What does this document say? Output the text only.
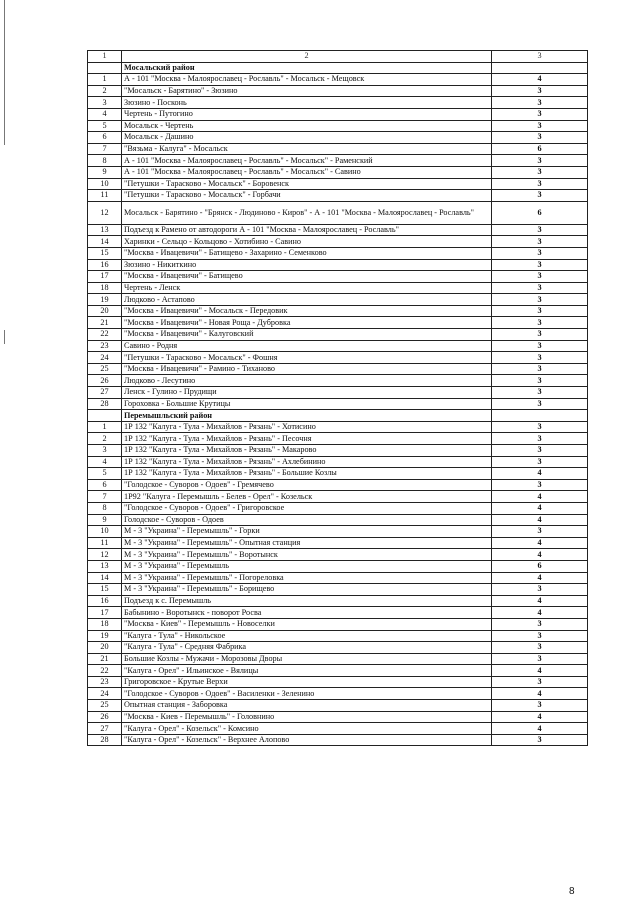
1	2	3
	Мосальский район	
1	А - 101 "Москва - Малоярославец - Рославль" - Мосальск - Мещовск	4
2	"Мосальск - Барятино" - Зюзино	3
3	Зюзино - Посконь	3
4	Чертень - Путогино	3
5	Мосальск - Чертень	3
6	Мосальск - Дашино	3
7	"Вязьма - Калуга" - Мосальск	6
8	А - 101 "Москва - Малоярославец - Рославль" - Мосальск" - Раменский	3
9	А - 101 "Москва - Малоярославец - Рославль" - Мосальск" - Савино	3
10	"Петушки - Тарасково - Мосальск" - Боровенск	3
11	"Петушки - Тарасково - Мосальск" - Горбачи	3
12	Мосальск - Барятино - "Брянск - Людиново - Киров" - А - 101 "Москва - Малоярославец - Рославль"	6
13	Подъезд к Рамено от автодороги А - 101 "Москва - Малоярославец - Рославль"	3
14	Харинки - Сельцо - Кольцово - Хотибино - Савино	3
15	"Москва - Ивацевичи" - Батищево - Захарино - Семенково	3
16	Зюзино - Никиткино	3
17	"Москва - Ивацевичи" - Батищево	3
18	Чертень - Ленск	3
19	Людково - Астапово	3
20	"Москва - Ивацевичи" - Мосальск - Передовик	3
21	"Москва - Ивацевичи" - Новая Роща - Дубровка	3
22	"Москва - Ивацевичи" - Калуговский	3
23	Савино - Родня	3
24	"Петушки - Тарасково - Мосальск" - Фошня	3
25	"Москва - Ивацевичи" - Рамино - Тиханово	3
26	Людково - Лесутино	3
27	Ленск - Гулино - Прудищи	3
28	Гороховка - Большие Крутицы	3
	Перемышльский район	
1	1Р 132 "Калуга - Тула - Михайлов - Рязань" - Хотисино	3
2	1Р 132 "Калуга - Тула - Михайлов - Рязань" - Песочня	3
3	1Р 132 "Калуга - Тула - Михайлов - Рязань" - Макарово	3
4	1Р 132 "Калуга - Тула - Михайлов - Рязань" - Ахлебинино	3
5	1Р 132 "Калуга - Тула - Михайлов - Рязань" - Большие Козлы	4
6	"Голодское - Суворов - Одоев" - Гремячево	3
7	1Р92 "Калуга - Перемышль - Белев - Орел" - Козельск	4
8	"Голодское - Суворов - Одоев" - Григоровское	4
9	Голодское - Суворов - Одоев	4
10	М - 3 "Украина" - Перемышль" - Горки	3
11	М - 3 "Украина" - Перемышль" - Опытная станция	4
12	М - 3 "Украина" - Перемышль" - Воротынск	4
13	М - 3 "Украина" - Перемышль	6
14	М - 3 "Украина" - Перемышль" - Погореловка	4
15	М - 3 "Украина" - Перемышль" - Борищево	3
16	Подъезд к с. Перемышль	4
17	Бабынино - Воротынск - поворот Росва	4
18	"Москва - Киев" - Перемышль - Новоселки	3
19	"Калуга - Тула" - Никольское	3
20	"Калуга - Тула" - Средняя Фабрика	3
21	Большие Козлы - Мужачи - Морозовы Дворы	3
22	"Калуга - Орел" - Ильинское - Вялицы	4
23	Григоровское - Крутые Верхи	3
24	"Голодское - Суворов - Одоев" - Василенки - Зеленино	4
25	Опытная станция - Заборовка	3
26	"Москва - Киев - Перемышль" - Головнино	4
27	"Калуга - Орел" - Козельск" - Комсино	4
28	"Калуга - Орел" - Козельск" - Верхнее Алопово	3
8
